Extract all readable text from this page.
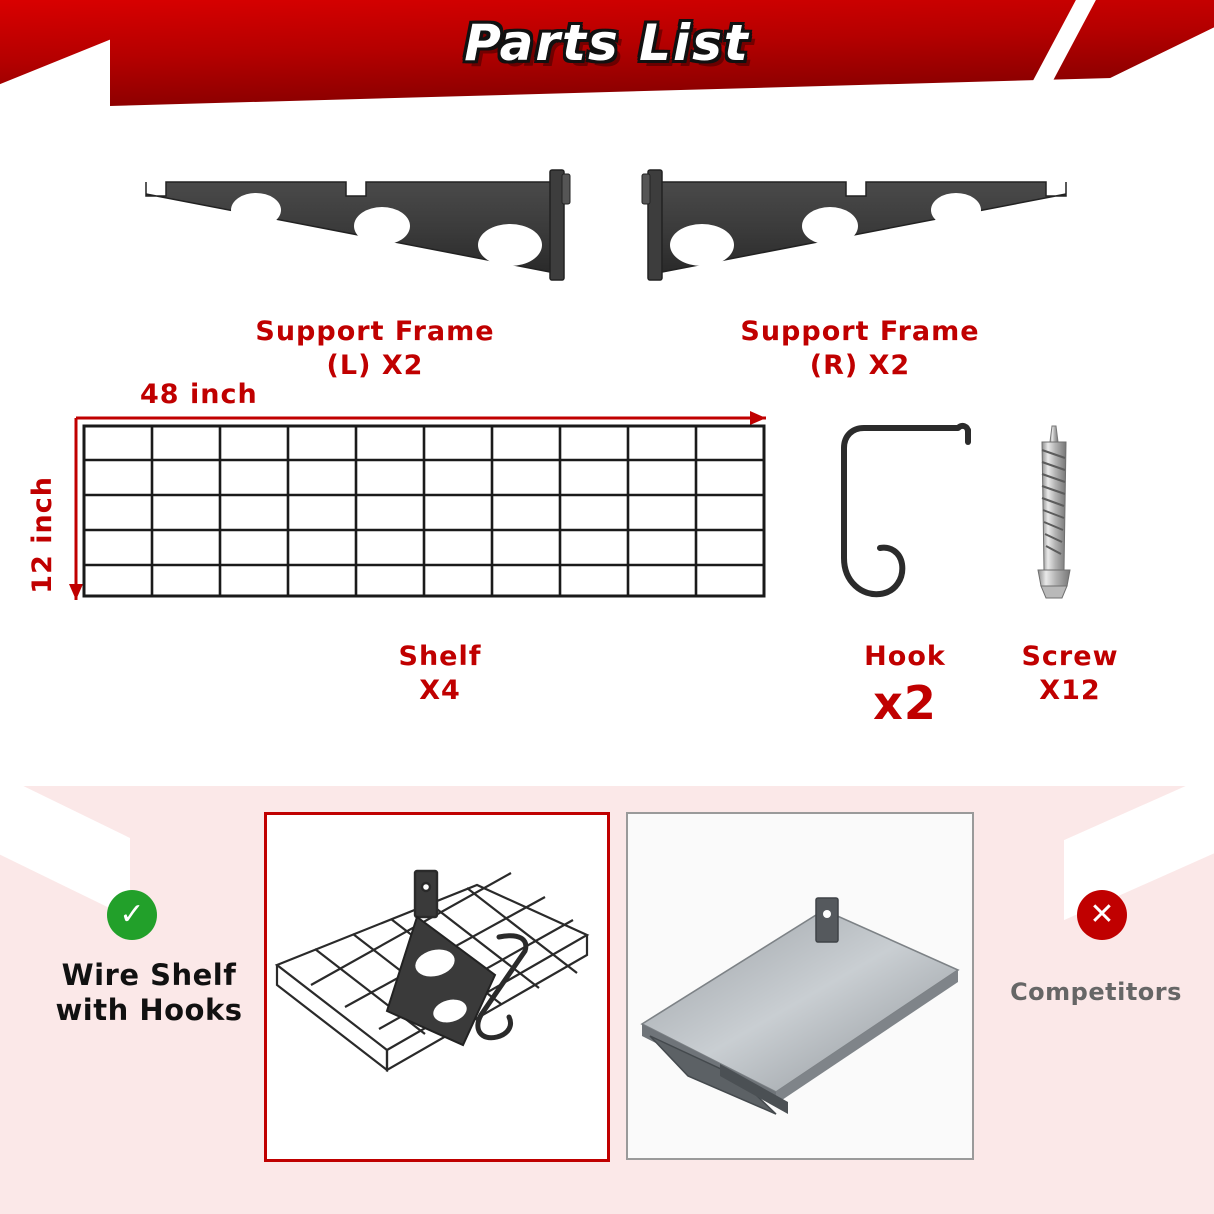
Parts List
Support Frame
(L) X2
Support Frame
(R) X2
48 inch
12 inch
Shelf
X4
Hook
x2
Screw
X12
✓
Wire Shelf
with Hooks
✕
Competitors
